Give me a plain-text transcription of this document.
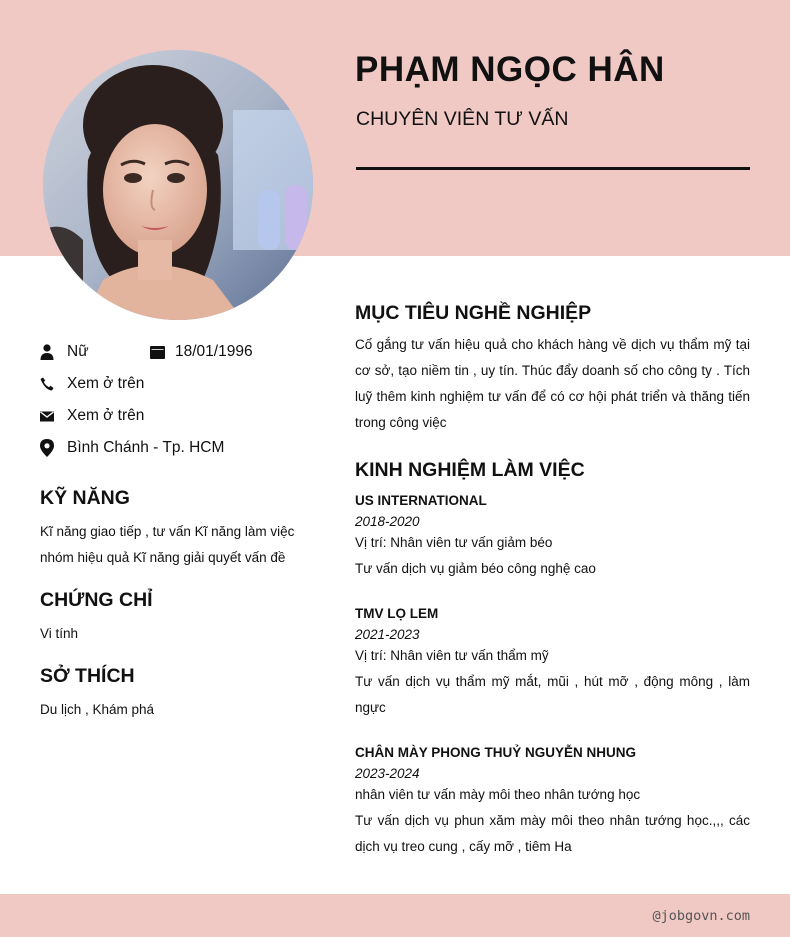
PHẠM NGỌC HÂN
CHUYÊN VIÊN TƯ VẤN
Nữ	18/01/1996
Xem ở trên
Xem ở trên
Bình Chánh - Tp. HCM
KỸ NĂNG
Kĩ năng giao tiếp , tư vấn Kĩ năng làm việc
nhóm hiệu quả Kĩ năng giải quyết vấn đề
CHỨNG CHỈ
Vi tính
SỞ THÍCH
Du lịch , Khám phá
MỤC TIÊU NGHỀ NGHIỆP
Cố gắng tư vấn hiệu quả cho khách hàng về dịch vụ thẩm mỹ tại cơ sở, tạo niềm tin , uy tín. Thúc đẩy doanh số cho công ty . Tích luỹ thêm kinh nghiệm tư vấn để có cơ hội phát triển và thăng tiến trong công việc
KINH NGHIỆM LÀM VIỆC
US INTERNATIONAL
2018-2020
Vị trí: Nhân viên tư vấn giảm béo
Tư vấn dịch vụ giảm béo công nghệ cao
TMV LỌ LEM
2021-2023
Vị trí: Nhân viên tư vấn thẩm mỹ
Tư vấn dịch vụ thẩm mỹ mắt, mũi , hút mỡ , động mông , làm ngực
CHÂN MÀY PHONG THUỶ NGUYỄN NHUNG
2023-2024
nhân viên tư vấn mày môi theo nhân tướng học
Tư vấn dịch vụ phun xăm mày môi theo nhân tướng học.,,, các dịch vụ treo cung , cấy mỡ , tiêm Ha
@jobgovn.com
